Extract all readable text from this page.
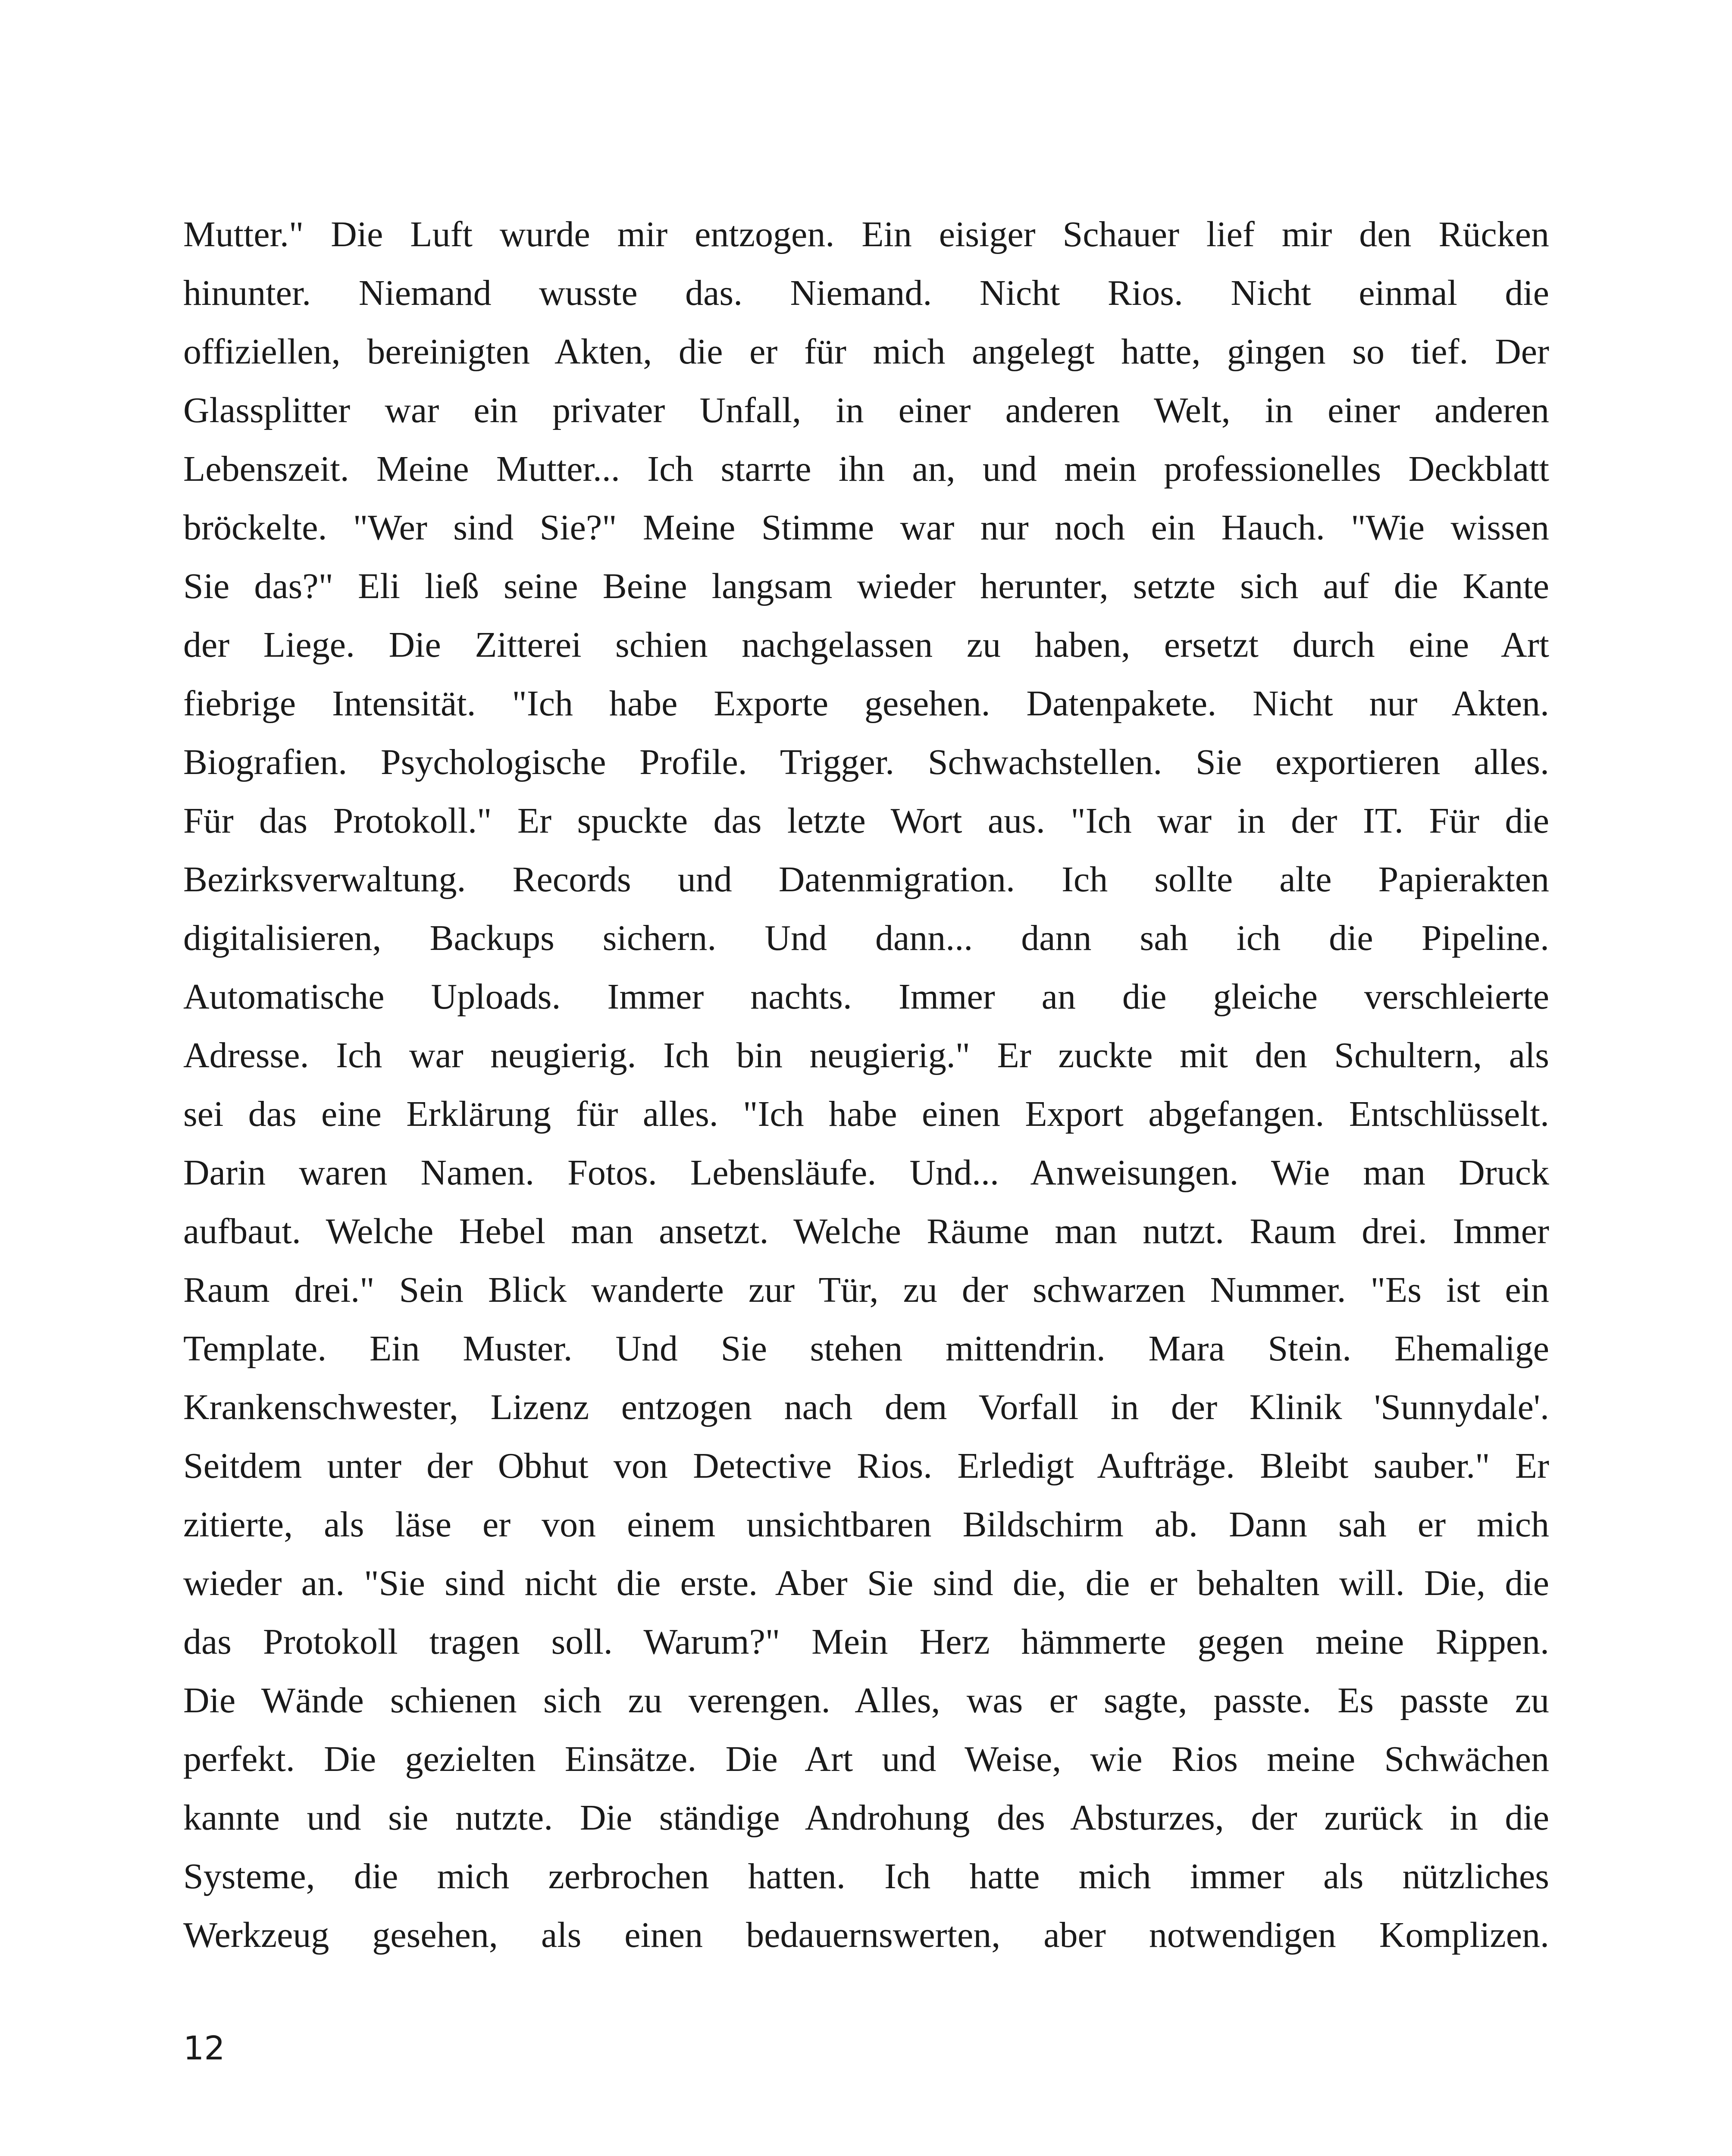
Mutter." Die Luft wurde mir entzogen. Ein eisiger Schauer lief mir den Rücken
hinunter. Niemand wusste das. Niemand. Nicht Rios. Nicht einmal die
offiziellen, bereinigten Akten, die er für mich angelegt hatte, gingen so tief. Der
Glassplitter war ein privater Unfall, in einer anderen Welt, in einer anderen
Lebenszeit. Meine Mutter... Ich starrte ihn an, und mein professionelles Deckblatt
bröckelte. "Wer sind Sie?" Meine Stimme war nur noch ein Hauch. "Wie wissen
Sie das?" Eli ließ seine Beine langsam wieder herunter, setzte sich auf die Kante
der Liege. Die Zitterei schien nachgelassen zu haben, ersetzt durch eine Art
fiebrige Intensität. "Ich habe Exporte gesehen. Datenpakete. Nicht nur Akten.
Biografien. Psychologische Profile. Trigger. Schwachstellen. Sie exportieren alles.
Für das Protokoll." Er spuckte das letzte Wort aus. "Ich war in der IT. Für die
Bezirksverwaltung. Records und Datenmigration. Ich sollte alte Papierakten
digitalisieren, Backups sichern. Und dann... dann sah ich die Pipeline.
Automatische Uploads. Immer nachts. Immer an die gleiche verschleierte
Adresse. Ich war neugierig. Ich bin neugierig." Er zuckte mit den Schultern, als
sei das eine Erklärung für alles. "Ich habe einen Export abgefangen. Entschlüsselt.
Darin waren Namen. Fotos. Lebensläufe. Und... Anweisungen. Wie man Druck
aufbaut. Welche Hebel man ansetzt. Welche Räume man nutzt. Raum drei. Immer
Raum drei." Sein Blick wanderte zur Tür, zu der schwarzen Nummer. "Es ist ein
Template. Ein Muster. Und Sie stehen mittendrin. Mara Stein. Ehemalige
Krankenschwester, Lizenz entzogen nach dem Vorfall in der Klinik 'Sunnydale'.
Seitdem unter der Obhut von Detective Rios. Erledigt Aufträge. Bleibt sauber." Er
zitierte, als läse er von einem unsichtbaren Bildschirm ab. Dann sah er mich
wieder an. "Sie sind nicht die erste. Aber Sie sind die, die er behalten will. Die, die
das Protokoll tragen soll. Warum?" Mein Herz hämmerte gegen meine Rippen.
Die Wände schienen sich zu verengen. Alles, was er sagte, passte. Es passte zu
perfekt. Die gezielten Einsätze. Die Art und Weise, wie Rios meine Schwächen
kannte und sie nutzte. Die ständige Androhung des Absturzes, der zurück in die
Systeme, die mich zerbrochen hatten. Ich hatte mich immer als nützliches
Werkzeug gesehen, als einen bedauernswerten, aber notwendigen Komplizen.
12
